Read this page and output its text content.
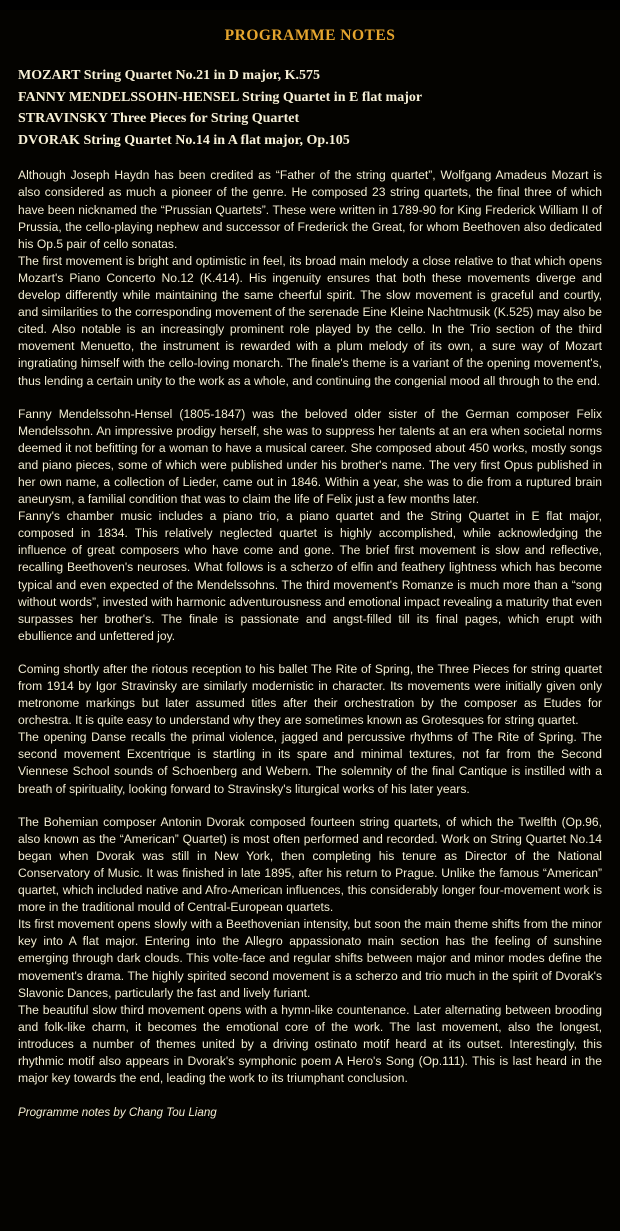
PROGRAMME NOTES
MOZART String Quartet No.21 in D major, K.575
FANNY MENDELSSOHN-HENSEL String Quartet in E flat major
STRAVINSKY Three Pieces for String Quartet
DVORAK String Quartet No.14 in A flat major, Op.105

Although Joseph Haydn has been credited as “Father of the string quartet”, Wolfgang Amadeus Mozart is also considered as much a pioneer of the genre. He composed 23 string quartets, the final three of which have been nicknamed the “Prussian Quartets”. These were written in 1789-90 for King Frederick William II of Prussia, the cello-playing nephew and successor of Frederick the Great, for whom Beethoven also dedicated his Op.5 pair of cello sonatas.

The first movement is bright and optimistic in feel, its broad main melody a close relative to that which opens Mozart's Piano Concerto No.12 (K.414). His ingenuity ensures that both these movements diverge and develop differently while maintaining the same cheerful spirit. The slow movement is graceful and courtly, and similarities to the corresponding movement of the serenade Eine Kleine Nachtmusik (K.525) may also be cited. Also notable is an increasingly prominent role played by the cello. In the Trio section of the third movement Menuetto, the instrument is rewarded with a plum melody of its own, a sure way of Mozart ingratiating himself with the cello-loving monarch. The finale's theme is a variant of the opening movement's, thus lending a certain unity to the work as a whole, and continuing the congenial mood all through to the end.

Fanny Mendelssohn-Hensel (1805-1847) was the beloved older sister of the German composer Felix Mendelssohn. An impressive prodigy herself, she was to suppress her talents at an era when societal norms deemed it not befitting for a woman to have a musical career. She composed about 450 works, mostly songs and piano pieces, some of which were published under his brother's name. The very first Opus published in her own name, a collection of Lieder, came out in 1846. Within a year, she was to die from a ruptured brain aneurysm, a familial condition that was to claim the life of Felix just a few months later.

Fanny's chamber music includes a piano trio, a piano quartet and the String Quartet in E flat major, composed in 1834. This relatively neglected quartet is highly accomplished, while acknowledging the influence of great composers who have come and gone. The brief first movement is slow and reflective, recalling Beethoven's neuroses. What follows is a scherzo of elfin and feathery lightness which has become typical and even expected of the Mendelssohns. The third movement's Romanze is much more than a “song without words”, invested with harmonic adventurousness and emotional impact revealing a maturity that even surpasses her brother's. The finale is passionate and angst-filled till its final pages, which erupt with ebullience and unfettered joy.

Coming shortly after the riotous reception to his ballet The Rite of Spring, the Three Pieces for string quartet from 1914 by Igor Stravinsky are similarly modernistic in character. Its movements were initially given only metronome markings but later assumed titles after their orchestration by the composer as Etudes for orchestra. It is quite easy to understand why they are sometimes known as Grotesques for string quartet.

The opening Danse recalls the primal violence, jagged and percussive rhythms of The Rite of Spring. The second movement Excentrique is startling in its spare and minimal textures, not far from the Second Viennese School sounds of Schoenberg and Webern. The solemnity of the final Cantique is instilled with a breath of spirituality, looking forward to Stravinsky's liturgical works of his later years.

The Bohemian composer Antonin Dvorak composed fourteen string quartets, of which the Twelfth (Op.96, also known as the “American” Quartet) is most often performed and recorded. Work on String Quartet No.14 began when Dvorak was still in New York, then completing his tenure as Director of the National Conservatory of Music. It was finished in late 1895, after his return to Prague. Unlike the famous “American” quartet, which included native and Afro-American influences, this considerably longer four-movement work is more in the traditional mould of Central-European quartets.

Its first movement opens slowly with a Beethovenian intensity, but soon the main theme shifts from the minor key into A flat major. Entering into the Allegro appassionato main section has the feeling of sunshine emerging through dark clouds. This volte-face and regular shifts between major and minor modes define the movement's drama. The highly spirited second movement is a scherzo and trio much in the spirit of Dvorak's Slavonic Dances, particularly the fast and lively furiant.

The beautiful slow third movement opens with a hymn-like countenance. Later alternating between brooding and folk-like charm, it becomes the emotional core of the work. The last movement, also the longest, introduces a number of themes united by a driving ostinato motif heard at its outset. Interestingly, this rhythmic motif also appears in Dvorak's symphonic poem A Hero's Song (Op.111). This is last heard in the major key towards the end, leading the work to its triumphant conclusion.

Programme notes by Chang Tou Liang
